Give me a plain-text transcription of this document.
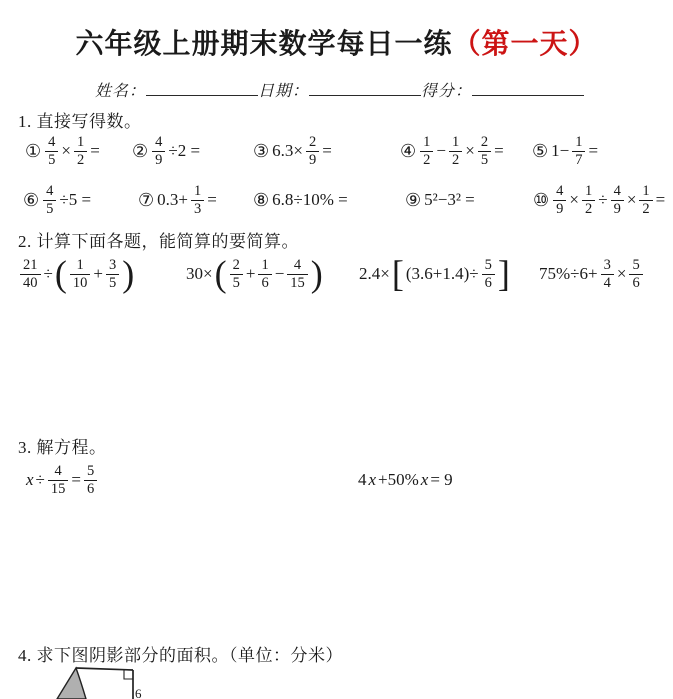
六年级上册期末数学每日一练（第一天）
姓名：	日期：	得分：
1. 直接写得数。
① $\frac{4}{5} \times \frac{1}{2}$ = ② $\frac{4}{9} \div 2$ =	③ $6.3\times \frac{2}{9}$ =	④ $\frac{1}{2} - \frac{1}{2} \times \frac{2}{5}$ = ⑤ $1- \frac{1}{7}$ =
⑥ $\frac{4}{5} \div 5$ =	⑦ $0.3+ \frac{1}{3}$ = ⑧ 6.8÷10% =	⑨ 5²−3² =	⑩ $\frac{4}{9} \times \frac{1}{2} \div \frac{4}{9} \times \frac{1}{2}$ =
2. 计算下面各题，能简算的要简算。
$\frac{21}{40}$ ÷ ( $\frac{1}{10} + \frac{3}{5}$ )	30× ( $\frac{2}{5} + \frac{1}{6} - \frac{4}{15}$ ) 2.4× [ $(3.6+1.4)\div \frac{5}{6}$ ] $75\%\div 6+ \frac{3}{4} \times \frac{5}{6}$
3. 解方程。
$x \div \frac{4}{15} = \frac{5}{6}$	4 x +50% x = 9
4. 求下图阴影部分的面积。（单位：分米）
6
